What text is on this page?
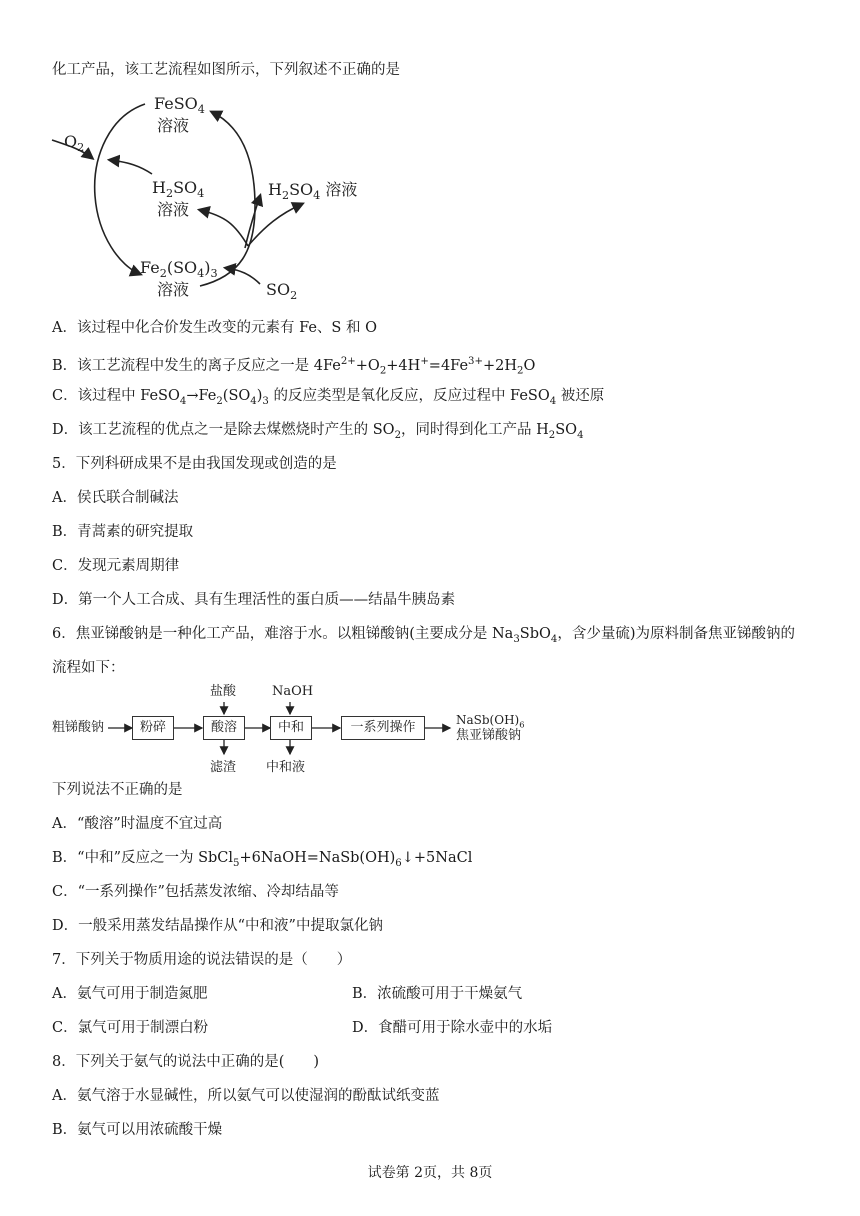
化工产品，该工艺流程如图所示，下列叙述不正确的是
FeSO$_4$
溶液
$O_2$
$H_2SO_4$
溶液
$H_2SO_4$ 溶液
$Fe_2(SO_4)_3$
溶液	$SO_2$
A．该过程中化合价发生改变的元素有 Fe、S 和 O
B．该工艺流程中发生的离子反应之一是 $4Fe^{2+}+O_2+4H^+=4Fe^{3+}+2H_2O$
C．该过程中 $FeSO_4\to Fe_2(SO_4)_3$ 的反应类型是氧化反应，反应过程中 FeSO$_4$ 被还原
D．该工艺流程的优点之一是除去煤燃烧时产生的 $SO_2$，同时得到化工产品 $H_2SO_4$
5．下列科研成果不是由我国发现或创造的是
A．侯氏联合制碱法
B．青蒿素的研究提取
C．发现元素周期律
D．第一个人工合成、具有生理活性的蛋白质——结晶牛胰岛素
6．焦亚锑酸钠是一种化工产品，难溶于水。以粗锑酸钠(主要成分是 $Na_3SbO_4$，含少量硫)为原料制备焦亚锑酸钠的
流程如下：
粗锑酸钠	粉碎	酸溶	中和	一系列操作	$NaSb(OH)_6$
焦亚锑酸钠
盐酸	NaOH
滤渣 中和液
下列说法不正确的是
A．“酸溶”时温度不宜过高
B．“中和”反应之一为 $SbCl_5+6NaOH=NaSb(OH)_6↓+5NaCl$
C．“一系列操作”包括蒸发浓缩、冷却结晶等
D．一般采用蒸发结晶操作从“中和液”中提取氯化钠
7．下列关于物质用途的说法错误的是（　　）
A．氨气可用于制造氮肥	B．浓硫酸可用于干燥氨气
C．氯气可用于制漂白粉	D．食醋可用于除水壶中的水垢
8．下列关于氨气的说法中正确的是(　　)
A．氨气溶于水显碱性，所以氨气可以使湿润的酚酞试纸变蓝
B．氨气可以用浓硫酸干燥
试卷第 2页，共 8页
